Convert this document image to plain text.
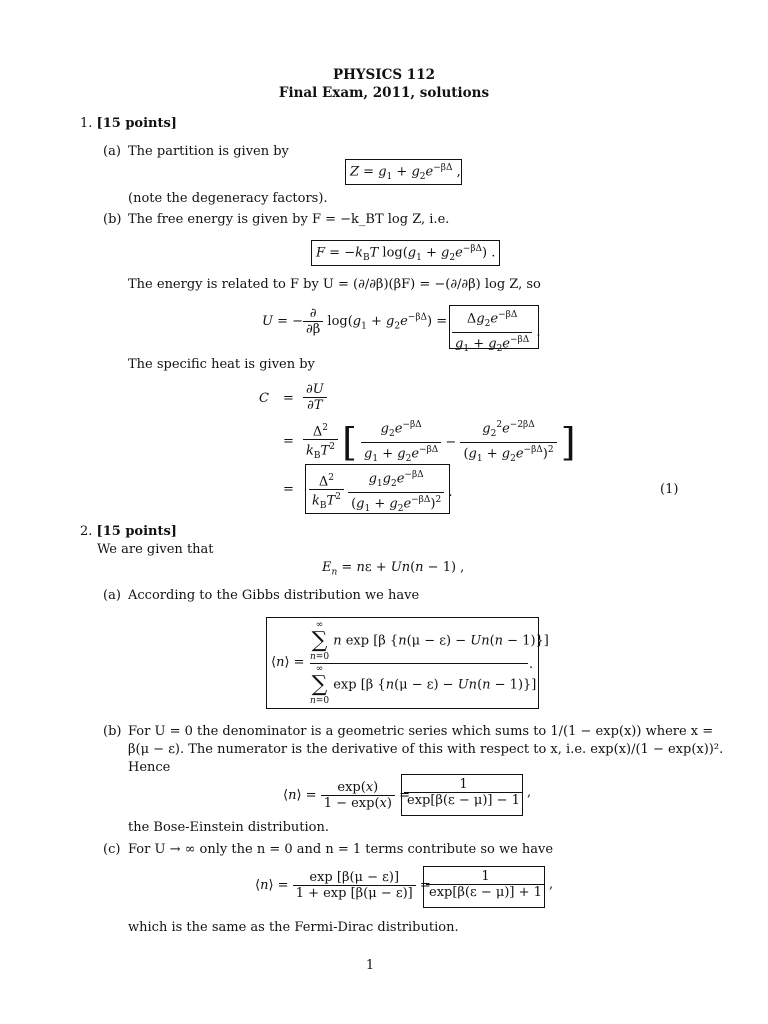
PHYSICS 112
Final Exam, 2011, solutions
1. [15 points]
(a) The partition is given by
$Z = g_1 + g_2e^{-\beta\Delta}$ ,
(note the degeneracy factors).
(b) The free energy is given by F = −k_BT log Z, i.e.
$F = -k_BT$ $\log(g_1 + g_2e^{-\beta\Delta})$ .
The energy is related to F by U = (∂/∂β)(βF) = −(∂/∂β) log Z, so
U = − $\frac{\partial}{\partial\beta} \log(g_1 + g_2e^{-\beta\Delta}) = \frac{\Delta g_2e^{-\beta\Delta}}{g_1 + g_2e^{-\beta\Delta}}$ .
The specific heat is given by
$C = \frac{\partial U}{\partial T}$
= $\frac{\Delta^2}{k_BT^2}$ [ $\frac{g_2e^{-\beta\Delta}}{g_1 + g_2e^{-\beta\Delta}} - \frac{g_2^2e^{-2\beta\Delta}}{(g_1 + g_2e^{-\beta\Delta})^2}$ ]
= $\frac{\Delta^2}{k_BT^2}$
$\frac{g_1g_2e^{-\beta\Delta}}{(g_1 + g_2e^{-\beta\Delta})^2}$ .	(1)
2. [15 points]
We are given that
$E_n = n\varepsilon + Un(n - 1)$ ,
(a) According to the Gibbs distribution we have
⟨n⟩ =
∞
∑
n=0
n exp [β {n(μ − ε) − Un(n − 1)}]
.
∞
∑
n=0
exp [β {n(μ − ε) − Un(n − 1)}]
(b) For U = 0 the denominator is a geometric series which sums to 1/(1 − exp(x)) where x =
β(μ − ε). The numerator is the derivative of this with respect to x, i.e. exp(x)/(1 − exp(x))².
Hence
⟨n⟩ = $\frac{\exp(x)}{1 - \exp(x)}$ =
$\frac{1}{\exp[\beta(\varepsilon - \mu)] - 1}$ ,
the Bose-Einstein distribution.
(c) For U → ∞ only the n = 0 and n = 1 terms contribute so we have
⟨n⟩ = $\frac{\exp [\beta(\mu - \varepsilon)]}{1 + \exp [\beta(\mu - \varepsilon)]}$ =
$\frac{1}{\exp[\beta(\varepsilon - \mu)] + 1}$ ,
which is the same as the Fermi-Dirac distribution.
1
